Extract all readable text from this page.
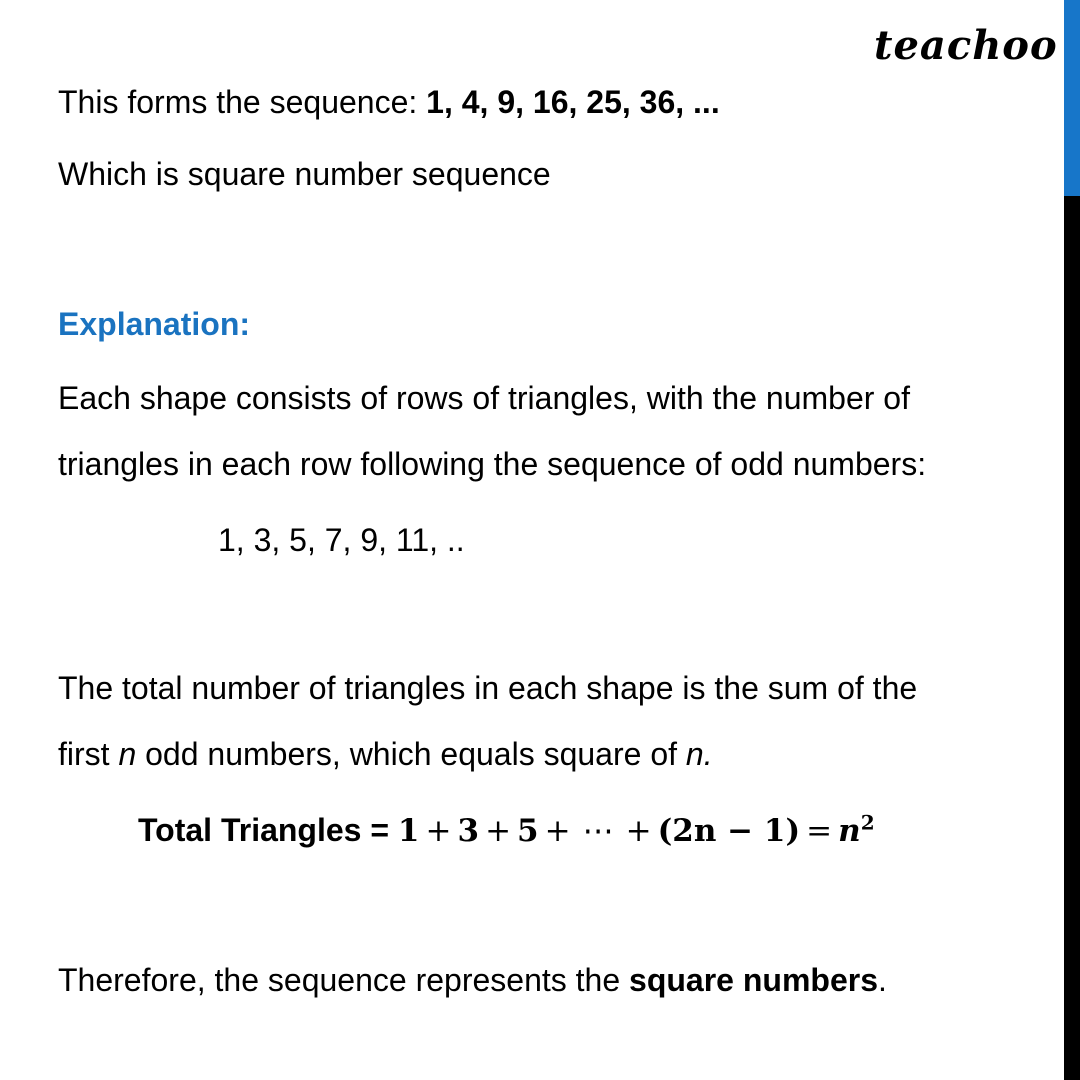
teachoo
This forms the sequence: 1, 4, 9, 16, 25, 36, ...
Which is square number sequence
Explanation:
Each shape consists of rows of triangles, with the number of
triangles in each row following the sequence of odd numbers:
1, 3, 5, 7, 9, 11, ..
The total number of triangles in each shape is the sum of the
first n odd numbers, which equals square of n.
Total Triangles = 1 + 3 + 5 + ⋯ + $(2n - 1) = n^2$
Therefore, the sequence represents the square numbers.
